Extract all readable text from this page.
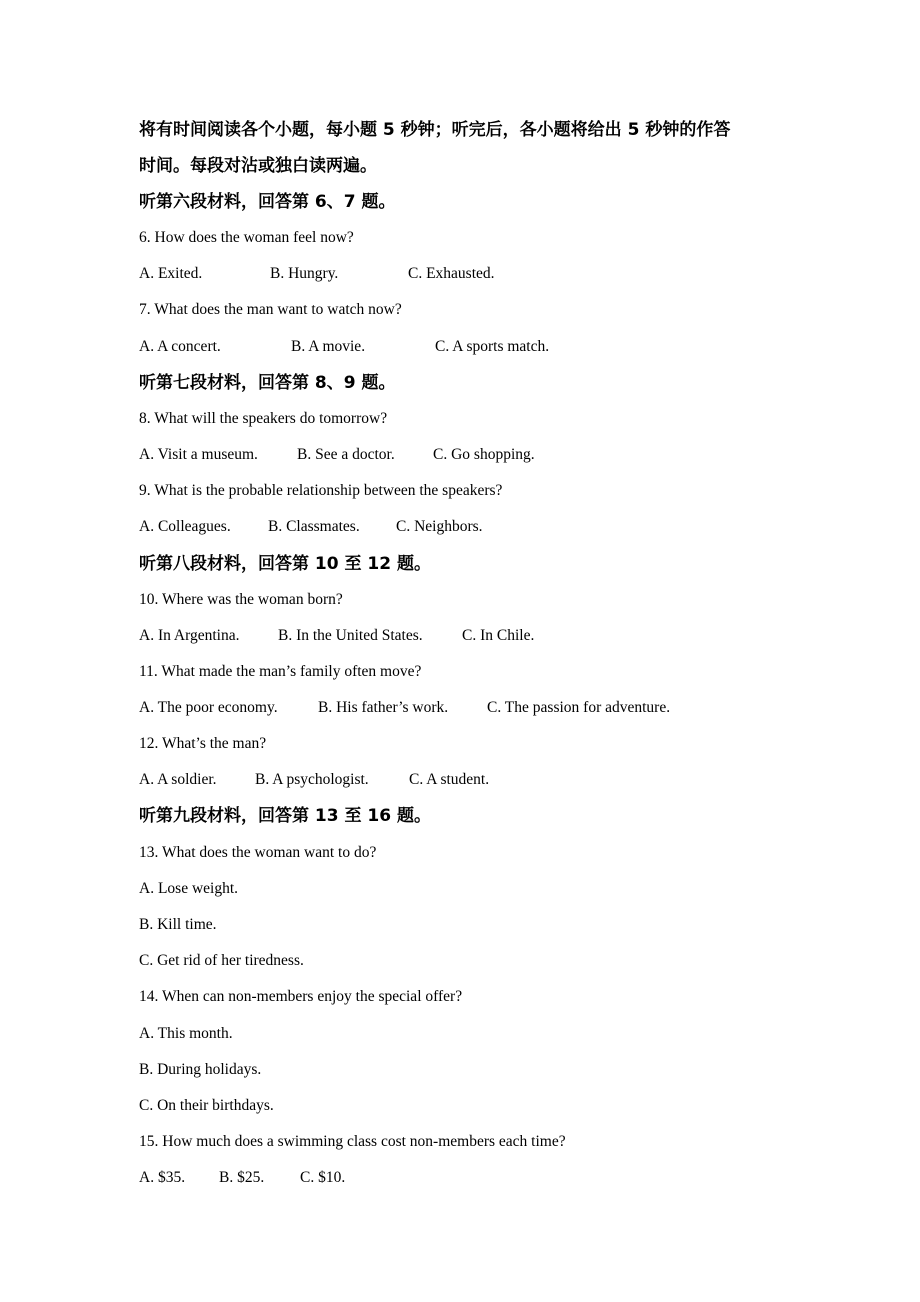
将有时间阅读各个小题，每小题 5 秒钟；听完后，各小题将给出 5 秒钟的作答
时间。每段对沾或独白读两遍。
听第六段材料，回答第 6、7 题。
6. How does the woman feel now?
A. Exited.	B. Hungry.	C. Exhausted.
7. What does the man want to watch now?
A. A concert.	B. A movie.	C. A sports match.
听第七段材料，回答第 8、9 题。
8. What will the speakers do tomorrow?
A. Visit a museum.	B. See a doctor. C. Go shopping.
9. What is the probable relationship between the speakers?
A. Colleagues. B. Classmates. C. Neighbors.
听第八段材料，回答第 10 至 12 题。
10. Where was the woman born?
A. In Argentina. B. In the United States.	C. In Chile.
11. What made the man’s family often move?
A. The poor economy.	B. His father’s work.	C. The passion for adventure.
12. What’s the man?
A. A soldier. B. A psychologist.	C. A student.
听第九段材料，回答第 13 至 16 题。
13. What does the woman want to do?
A. Lose weight.
B. Kill time.
C. Get rid of her tiredness.
14. When can non-members enjoy the special offer?
A. This month.
B. During holidays.
C. On their birthdays.
15. How much does a swimming class cost non-members each time?
A. $35. B. $25. C. $10.
